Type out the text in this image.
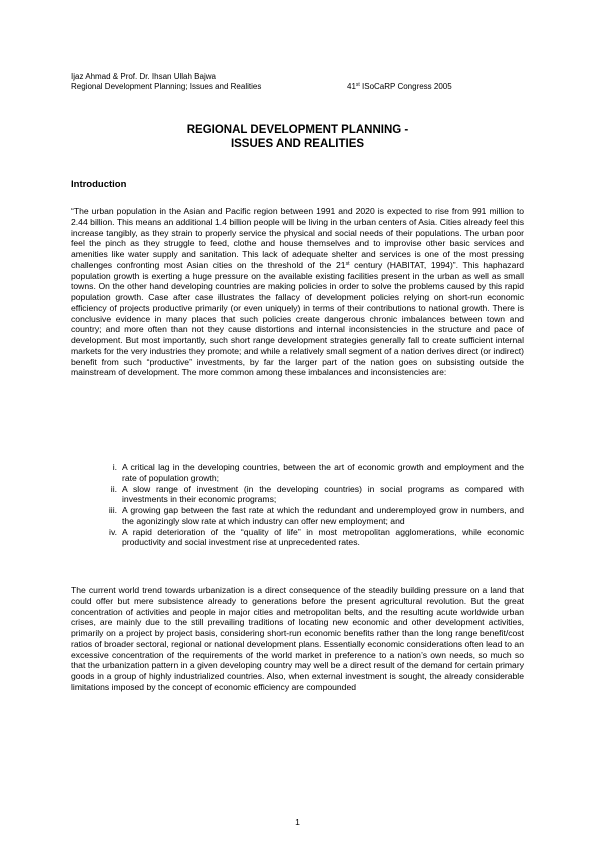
Ijaz Ahmad & Prof. Dr. Ihsan Ullah Bajwa
Regional Development Planning; Issues and Realities	41st ISoCaRP Congress 2005
REGIONAL DEVELOPMENT PLANNING -
ISSUES AND REALITIES
Introduction

“The urban population in the Asian and Pacific region between 1991 and 2020 is expected to rise from 991 million to 2.44 billion. This means an additional 1.4 billion people will be living in the urban centers of Asia. Cities already feel this increase tangibly, as they strain to properly service the physical and social needs of their populations. The urban poor feel the pinch as they struggle to feed, clothe and house themselves and to improvise other basic services and amenities like water supply and sanitation. This lack of adequate shelter and services is one of the most pressing challenges confronting most Asian cities on the threshold of the 21st century (HABITAT, 1994)”. This haphazard population growth is exerting a huge pressure on the available existing facilities present in the urban as well as small towns. On the other hand developing countries are making policies in order to solve the problems caused by this rapid population growth. Case after case illustrates the fallacy of development policies relying on short-run economic efficiency of projects productive primarily (or even uniquely) in terms of their contributions to national growth. There is conclusive evidence in many places that such policies create dangerous chronic imbalances between town and country; and more often than not they cause distortions and internal inconsistencies in the structure and pace of development. But most importantly, such short range development strategies generally fall to create sufficient internal markets for the very industries they promote; and while a relatively small segment of a nation derives direct (or indirect) benefit from such “productive” investments, by far the larger part of the nation goes on subsisting outside the mainstream of development. The more common among these imbalances and inconsistencies are:

i. A critical lag in the developing countries, between the art of economic growth and employment and the rate of population growth;
ii. A slow range of investment (in the developing countries) in social programs as compared with investments in their economic programs;
iii. A growing gap between the fast rate at which the redundant and underemployed grow in numbers, and the agonizingly slow rate at which industry can offer new employment; and
iv. A rapid deterioration of the “quality of life” in most metropolitan agglomerations, while economic productivity and social investment rise at unprecedented rates.

The current world trend towards urbanization is a direct consequence of the steadily building pressure on a land that could offer but mere subsistence already to generations before the present agricultural revolution. But the great concentration of activities and people in major cities and metropolitan belts, and the resulting acute worldwide urban crises, are mainly due to the still prevailing traditions of locating new economic and other development activities, primarily on a project by project basis, considering short-run economic benefits rather than the long range benefit/cost ratios of broader sectoral, regional or national development plans. Essentially economic considerations often lead to an excessive concentration of the requirements of the world market in preference to a nation’s own needs, so much so that the urbanization pattern in a given developing country may well be a direct result of the demand for certain primary goods in a group of highly industrialized countries. Also, when external investment is sought, the already considerable limitations imposed by the concept of economic efficiency are compounded

1
